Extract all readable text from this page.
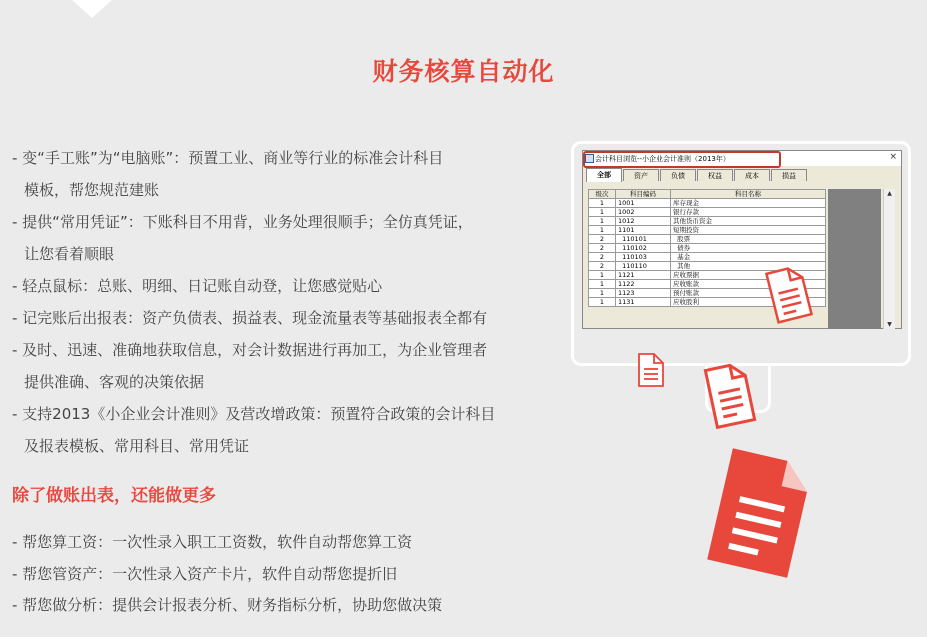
财务核算自动化
- 变“手工账”为“电脑账”：预置工业、商业等行业的标准会计科目
模板，帮您规范建账
- 提供“常用凭证”：下账科目不用背，业务处理很顺手；全仿真凭证，
让您看着顺眼
- 轻点鼠标：总账、明细、日记账自动登，让您感觉贴心
- 记完账后出报表：资产负债表、损益表、现金流量表等基础报表全都有
- 及时、迅速、准确地获取信息，对会计数据进行再加工，为企业管理者
提供准确、客观的决策依据
- 支持2013《小企业会计准则》及营改增政策：预置符合政策的会计科目
及报表模板、常用科目、常用凭证
除了做账出表，还能做更多
- 帮您算工资：一次性录入职工工资数，软件自动帮您算工资
- 帮您管资产：一次性录入资产卡片，软件自动帮您提折旧
- 帮您做分析：提供会计报表分析、财务指标分析，协助您做决策
会计科目浏览--小企业会计准则（2013年）	×
全部	资产	负债	权益	成本	损益
级次	科目编码	科目名称
1	1001	库存现金
1	1002	银行存款
1	1012	其他货币资金
1	1101	短期投资
2	110101	股票
2	110102	债券
2	110103	基金
2	110110	其他
1	1121	应收票据
1	1122	应收账款
1	1123	预付账款
1	1131	应收股利
▲
▼
